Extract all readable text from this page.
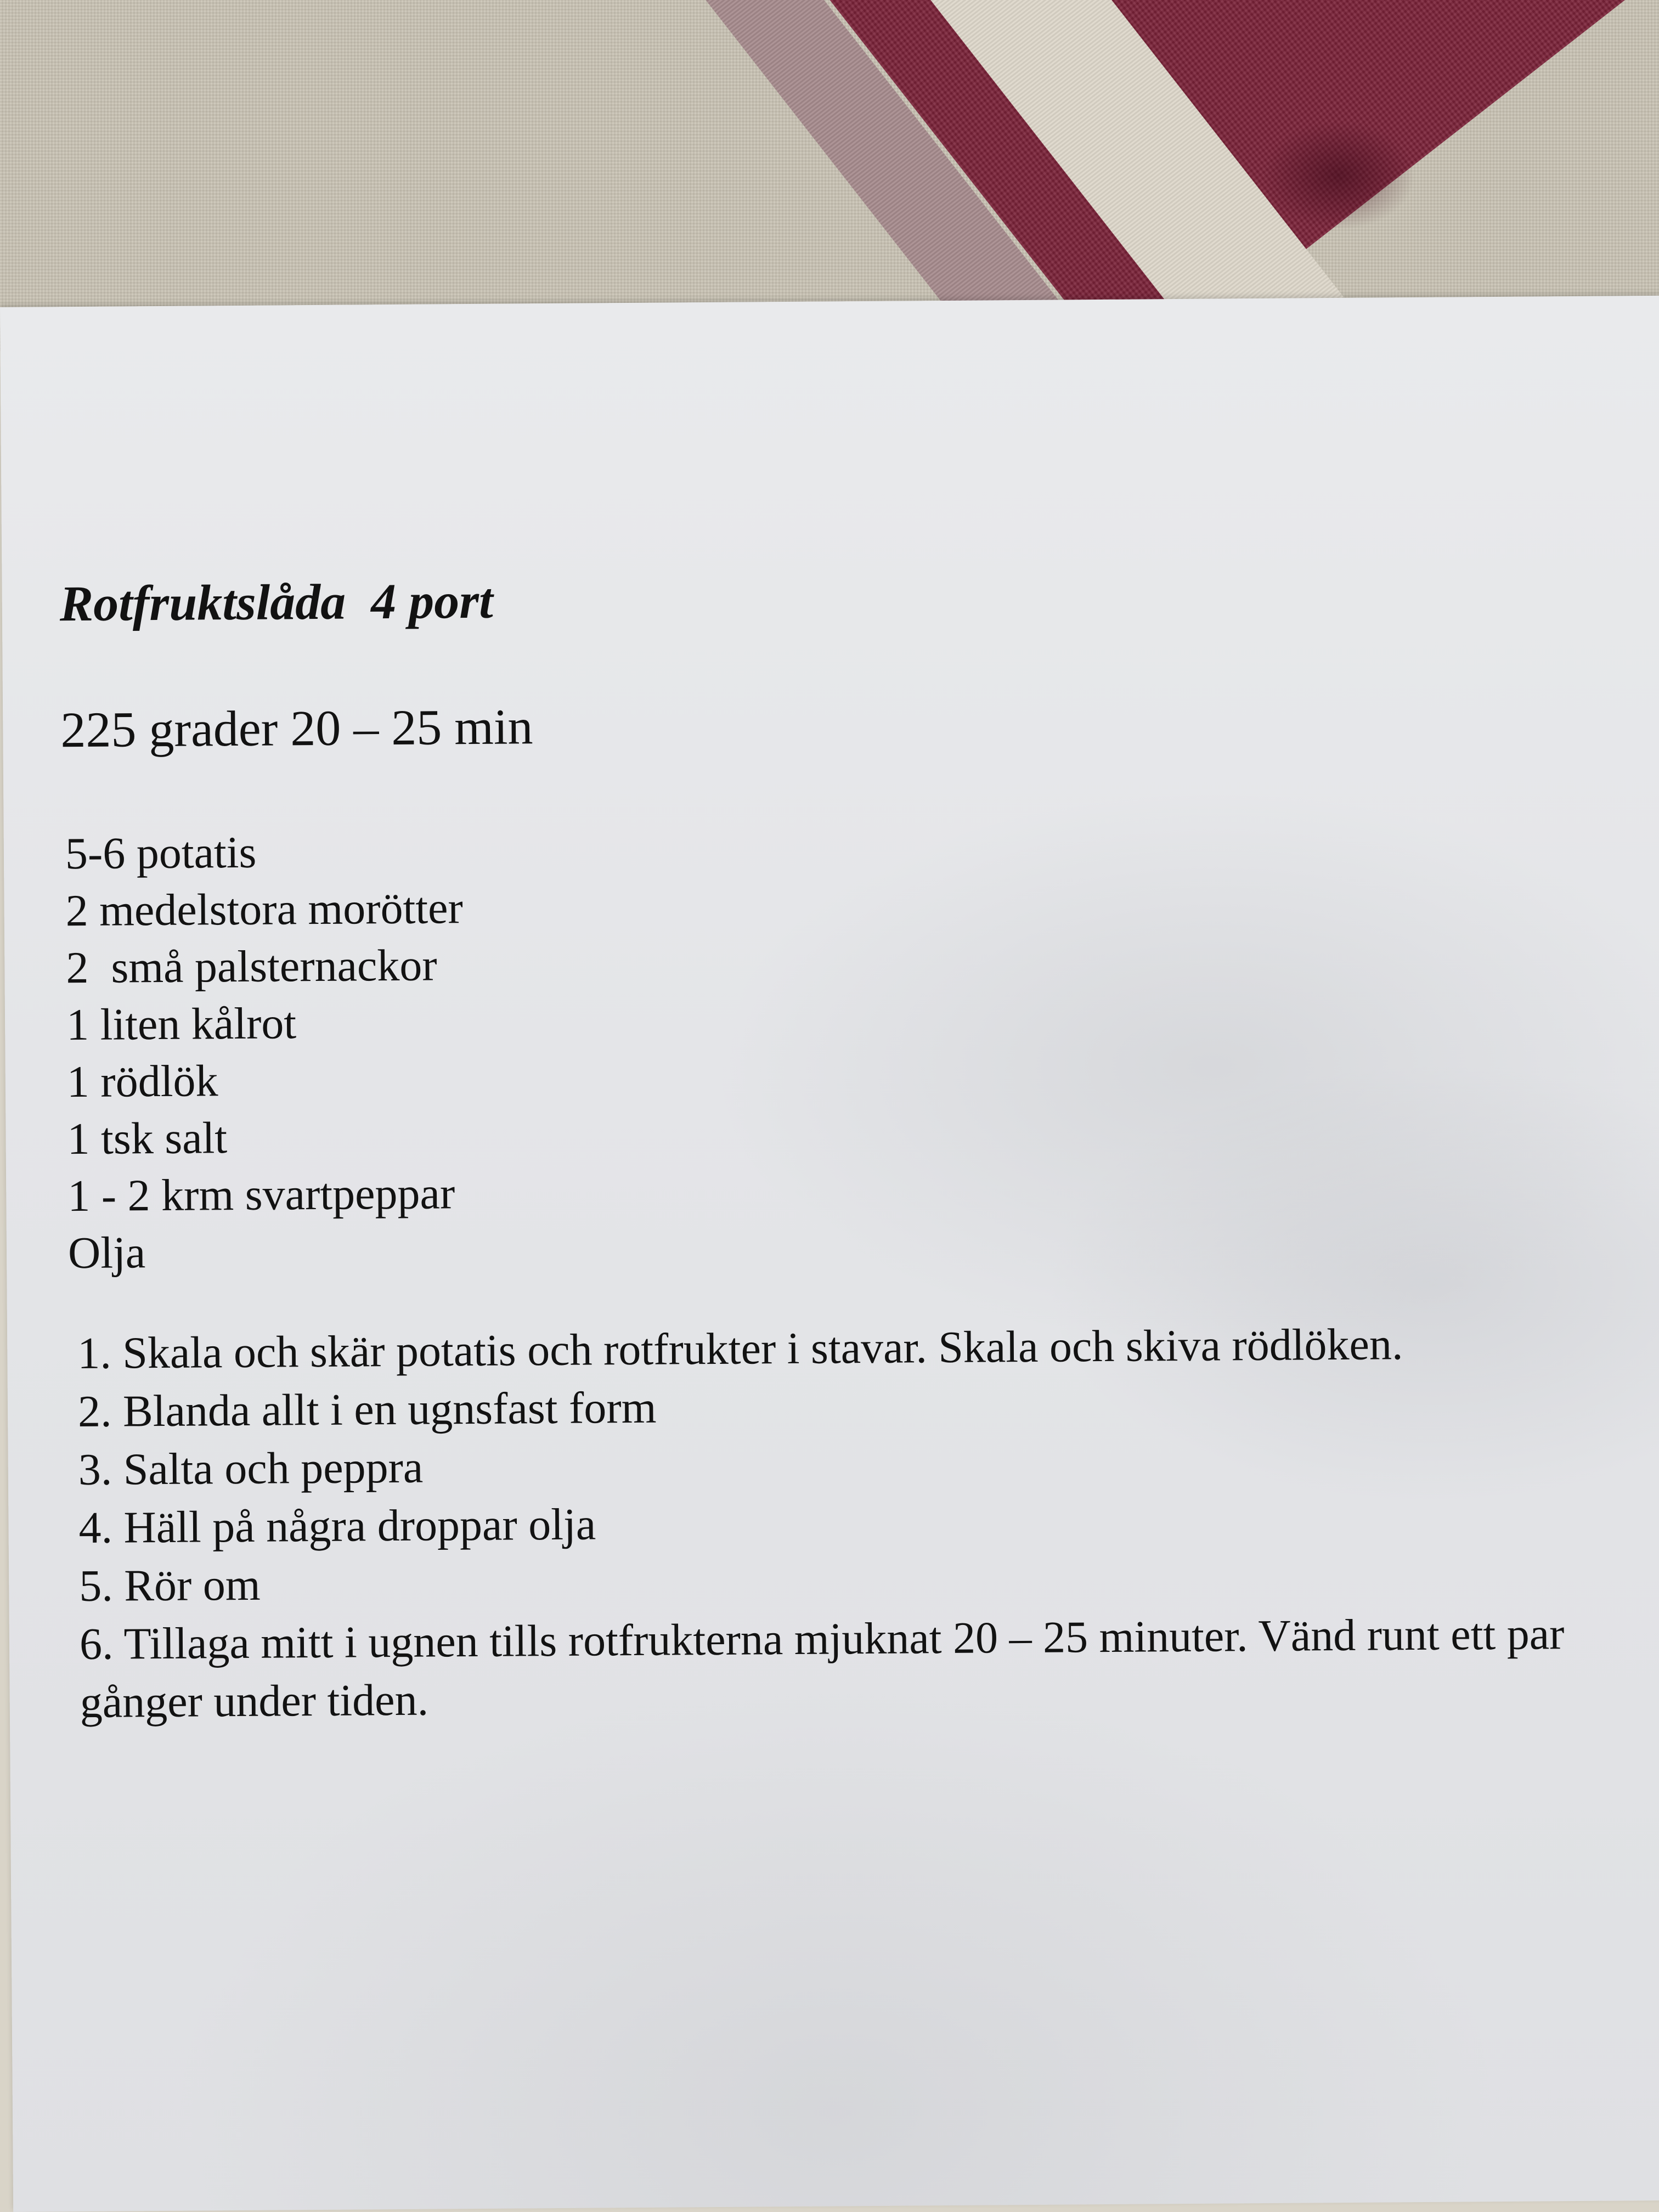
Rotfruktslåda  4 port
225 grader 20 – 25 min
5-6 potatis
2 medelstora morötter
2  små palsternackor
1 liten kålrot
1 rödlök
1 tsk salt
1 - 2 krm svartpeppar
Olja
1. Skala och skär potatis och rotfrukter i stavar. Skala och skiva rödlöken.
2. Blanda allt i en ugnsfast form
3. Salta och peppra
4. Häll på några droppar olja
5. Rör om
6. Tillaga mitt i ugnen tills rotfrukterna mjuknat 20 – 25 minuter. Vänd runt ett par gånger under tiden.
